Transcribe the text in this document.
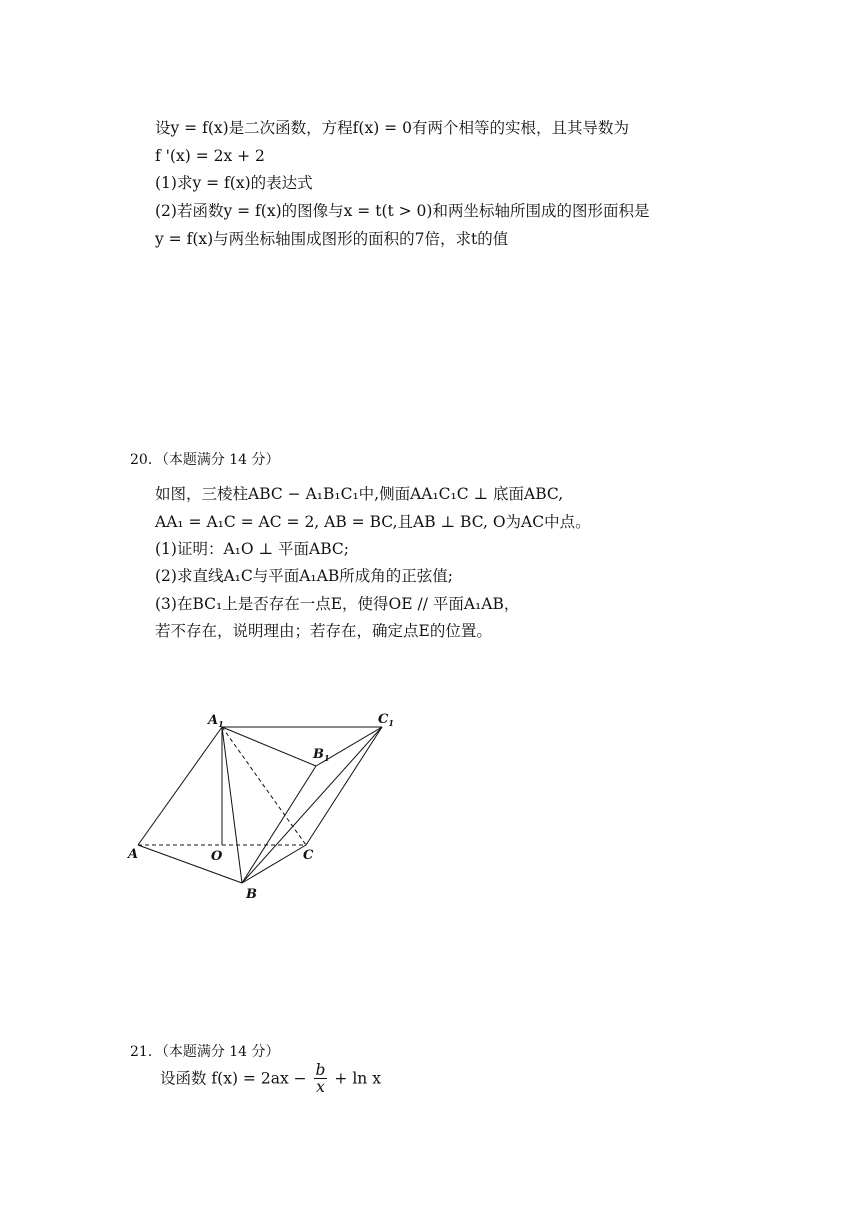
设y = f(x)是二次函数，方程f(x) = 0有两个相等的实根，且其导数为
f '(x) = 2x + 2
(1)求y = f(x)的表达式
(2)若函数y = f(x)的图像与x = t(t > 0)和两坐标轴所围成的图形面积是
y = f(x)与两坐标轴围成图形的面积的7倍，求t的值
20．（本题满分 14 分）
如图，三棱柱ABC − A₁B₁C₁中,侧面AA₁C₁C ⊥ 底面ABC,
AA₁ = A₁C = AC = 2, AB = BC,且AB ⊥ BC, O为AC中点。
(1)证明：A₁O ⊥ 平面ABC;
(2)求直线A₁C与平面A₁AB所成角的正弦值;
(3)在BC₁上是否存在一点E，使得OE // 平面A₁AB，
若不存在，说明理由；若存在，确定点E的位置。
$A_1$	$C_1$
$B_1$
A	O	C
B
21．（本题满分 14 分）
设函数 $f(x) = 2ax - \frac{b}{x} + \ln x$
